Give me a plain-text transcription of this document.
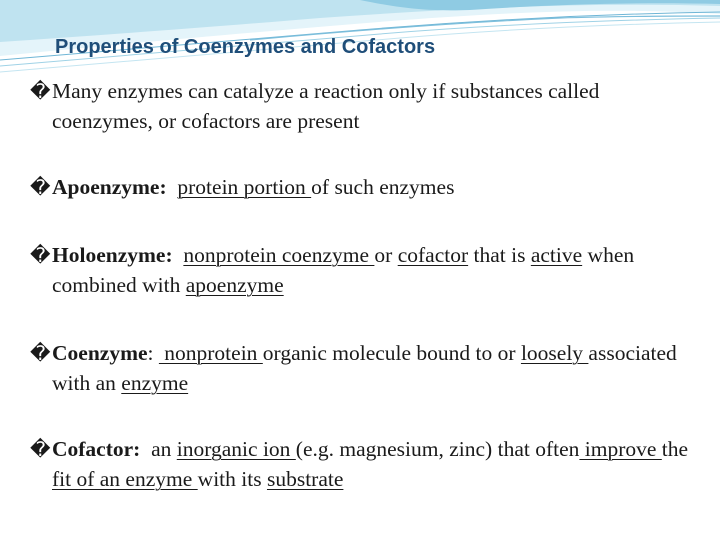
Properties of Coenzymes and Cofactors
� Many enzymes can catalyze a reaction only if substances called coenzymes, or cofactors are present
� Apoenzyme: protein portion of such enzymes
� Holoenzyme: nonprotein coenzyme or cofactor that is active when combined with apoenzyme
� Coenzyme:  nonprotein organic molecule bound to or loosely associated with an enzyme
� Cofactor:  an inorganic ion (e.g. magnesium, zinc) that often improve the fit of an enzyme with its substrate
